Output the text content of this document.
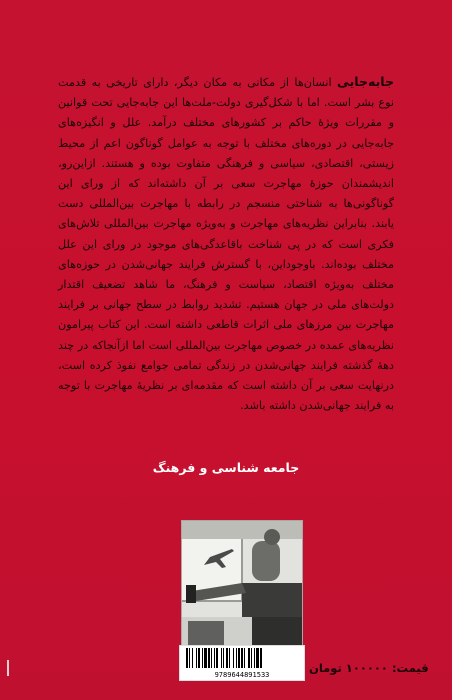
جابه‌جایی انسان‌ها از مکانی به مکان دیگر، دارای تاریخی به قدمت نوع بشر است. اما با شکل‌گیری دولت-ملت‌ها این جابه‌جایی تحت قوانین و مقررات ویژهٔ حاکم بر کشورهای مختلف درآمد. علل و انگیزه‌های جابه‌جایی در دوره‌های مختلف با توجه به عوامل گوناگون اعم از محیط زیستی، اقتصادی، سیاسی و فرهنگی متفاوت بوده و هستند. ازاین‌رو، اندیشمندان حوزهٔ مهاجرت سعی بر آن داشته‌اند که از ورای این گوناگونی‌ها به شناختی منسجم در رابطه با مهاجرت بین‌المللی دست یابند. بنابراین نظریه‌های مهاجرت و به‌ویژه مهاجرت بین‌المللی تلاش‌های فکری است که در پی شناخت باقاعدگی‌های موجود در ورای این علل مختلف بوده‌اند. باوجوداین، با گسترش فرایند جهانی‌شدن در حوزه‌های مختلف به‌ویژه اقتصاد، سیاست و فرهنگ، ما شاهد تضعیف اقتدار دولت‌های ملی در جهان هستیم. تشدید روابط در سطح جهانی بر فرایند مهاجرت بین مرزهای ملی اثرات قاطعی داشته است. این کتاب پیرامون نظریه‌های عمده در خصوص مهاجرت بین‌المللی است اما ازآنجاکه در چند دههٔ گذشته فرایند جهانی‌شدن در زندگی تمامی جوامع نفوذ کرده است، درنهایت سعی بر آن داشته است که مقدمه‌ای بر نظریهٔ مهاجرت با توجه به فرایند جهانی‌شدن داشته باشد.

جامعه شناسی و فرهنگ
9789644891533	قیمت: ۱۰۰۰۰۰ تومان
